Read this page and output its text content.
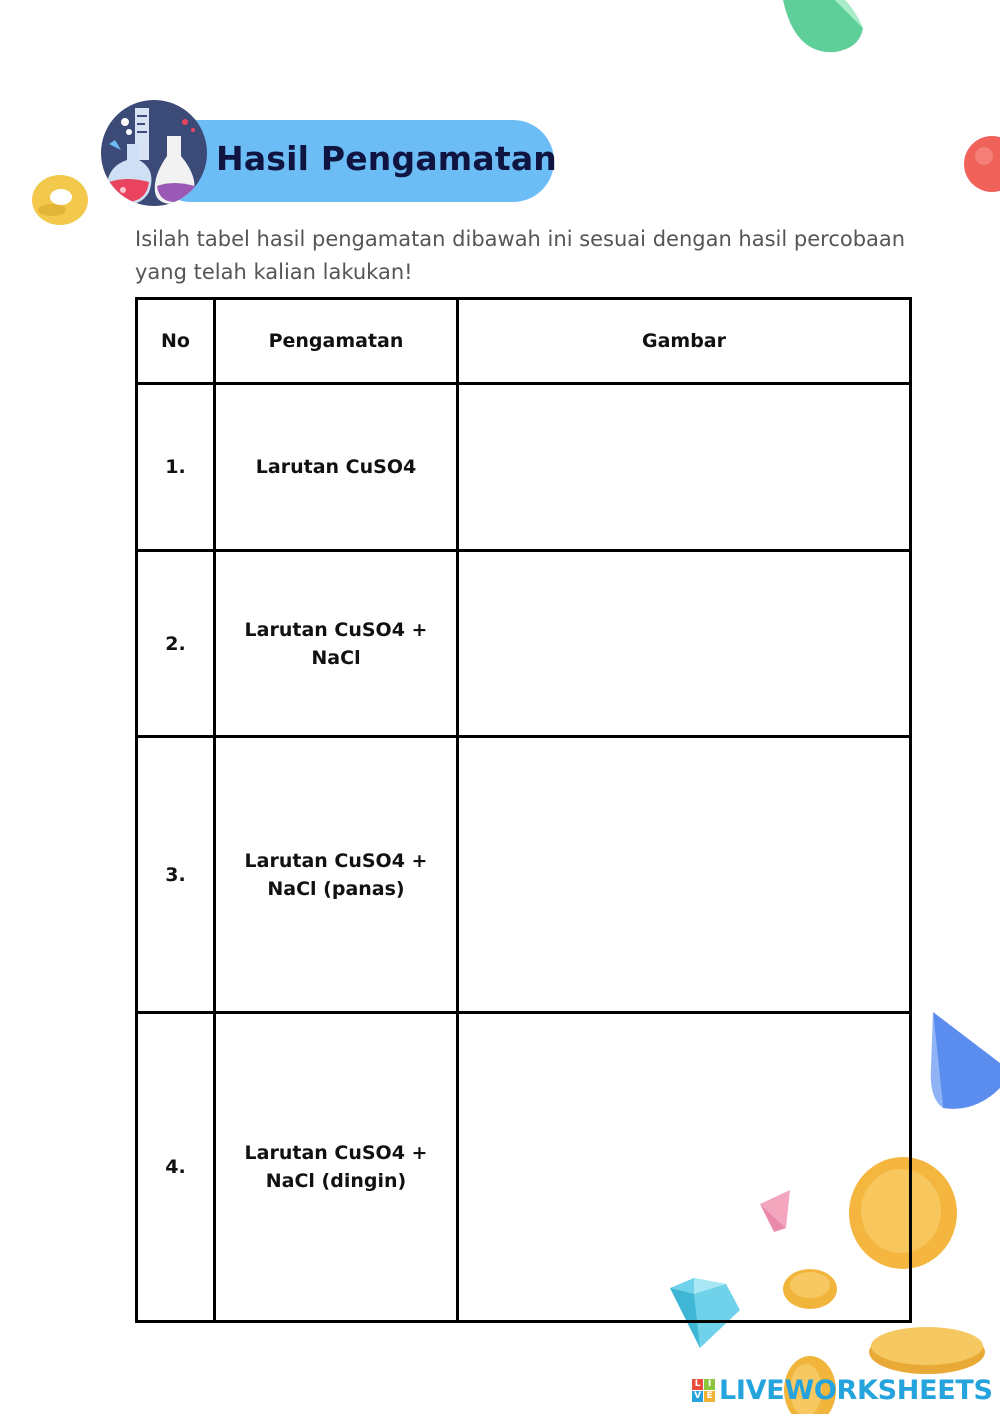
Hasil Pengamatan
Isilah tabel hasil pengamatan dibawah ini sesuai dengan hasil percobaan yang telah kalian lakukan!
No	Pengamatan	Gambar
1.	Larutan CuSO4	
2.	Larutan CuSO4 + NaCl	
3.	Larutan CuSO4 + NaCl (panas)	
4.	Larutan CuSO4 + NaCl (dingin)	
L I
V E LIVEWORKSHEETS
